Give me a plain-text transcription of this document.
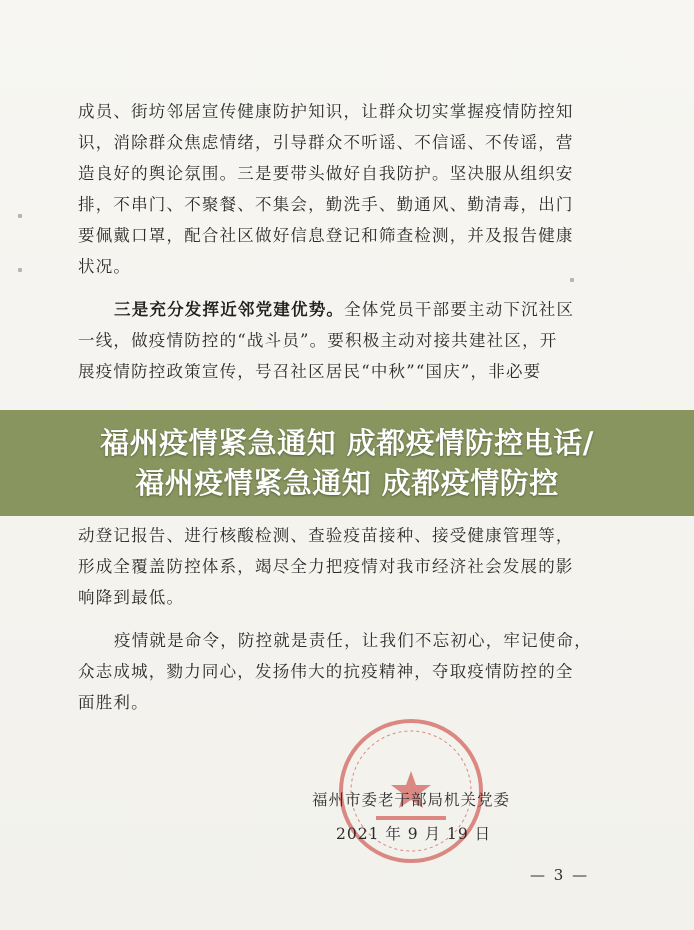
成员、街坊邻居宣传健康防护知识，让群众切实掌握疫情防控知
识，消除群众焦虑情绪，引导群众不听谣、不信谣、不传谣，营
造良好的舆论氛围。三是要带头做好自我防护。坚决服从组织安
排，不串门、不聚餐、不集会，勤洗手、勤通风、勤清毒，出门
要佩戴口罩，配合社区做好信息登记和筛查检测，并及报告健康
状况。
三是充分发挥近邻党建优势。全体党员干部要主动下沉社区
一线，做疫情防控的“战斗员”。要积极主动对接共建社区，开
展疫情防控政策宣传，号召社区居民“中秋”“国庆”，非必要
动登记报告、进行核酸检测、查验疫苗接种、接受健康管理等，
形成全覆盖防控体系，竭尽全力把疫情对我市经济社会发展的影
响降到最低。
疫情就是命令，防控就是责任，让我们不忘初心，牢记使命，
众志成城，勠力同心，发扬伟大的抗疫精神，夺取疫情防控的全
面胜利。
福州市委老干部局机关党委
2021 年 9 月 19 日
— 3 —
福州疫情紧急通知 成都疫情防控电话/
福州疫情紧急通知 成都疫情防控
